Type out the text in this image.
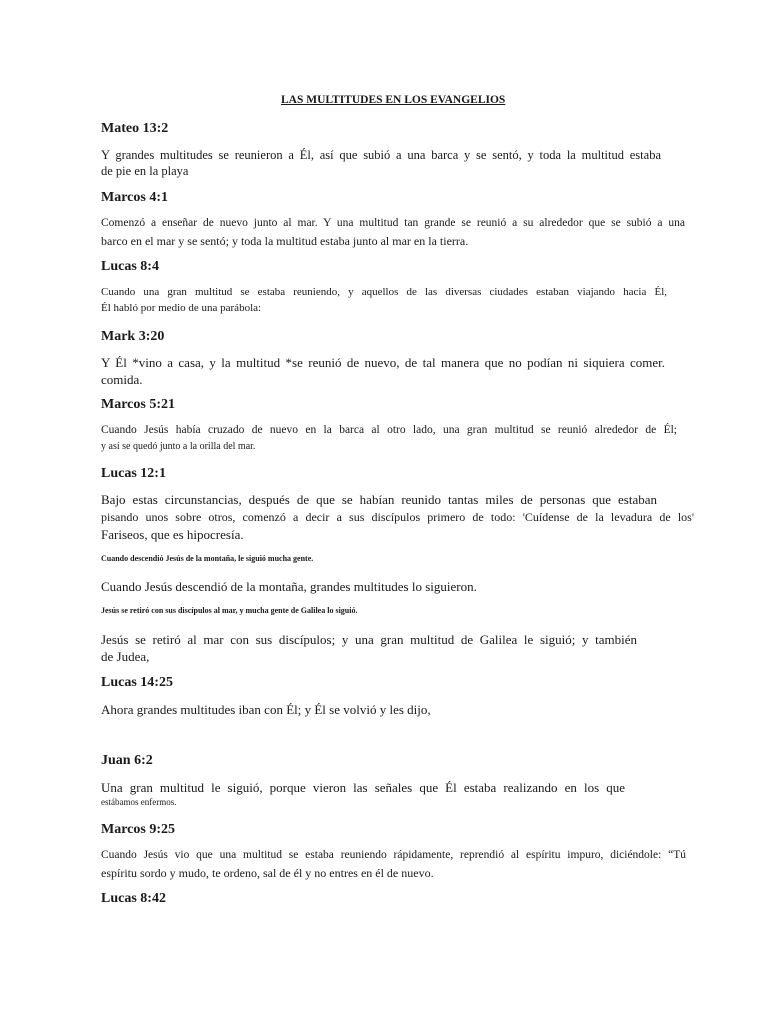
LAS MULTITUDES EN LOS EVANGELIOS
Mateo 13:2
Y grandes multitudes se reunieron a Él, así que subió a una barca y se sentó, y toda la multitud estaba
de pie en la playa
Marcos 4:1
Comenzó a enseñar de nuevo junto al mar. Y una multitud tan grande se reunió a su alrededor que se subió a una
barco en el mar y se sentó; y toda la multitud estaba junto al mar en la tierra.
Lucas 8:4
Cuando una gran multitud se estaba reuniendo, y aquellos de las diversas ciudades estaban viajando hacia Él,
Él habló por medio de una parábola:
Mark 3:20
Y Él *vino a casa, y la multitud *se reunió de nuevo, de tal manera que no podían ni siquiera comer.
comida.
Marcos 5:21
Cuando Jesús había cruzado de nuevo en la barca al otro lado, una gran multitud se reunió alrededor de Él;
y así se quedó junto a la orilla del mar.
Lucas 12:1
Bajo estas circunstancias, después de que se habían reunido tantas miles de personas que estaban
pisando unos sobre otros, comenzó a decir a sus discípulos primero de todo: 'Cuídense de la levadura de los'
Fariseos, que es hipocresía.
Cuando descendió Jesús de la montaña, le siguió mucha gente.
Cuando Jesús descendió de la montaña, grandes multitudes lo siguieron.
Jesús se retiró con sus discípulos al mar, y mucha gente de Galilea lo siguió.
Jesús se retiró al mar con sus discípulos; y una gran multitud de Galilea le siguió; y también
de Judea,
Lucas 14:25
Ahora grandes multitudes iban con Él; y Él se volvió y les dijo,
Juan 6:2
Una gran multitud le siguió, porque vieron las señales que Él estaba realizando en los que
estábamos enfermos.
Marcos 9:25
Cuando Jesús vio que una multitud se estaba reuniendo rápidamente, reprendió al espíritu impuro, diciéndole: “Tú
espíritu sordo y mudo, te ordeno, sal de él y no entres en él de nuevo.
Lucas 8:42
